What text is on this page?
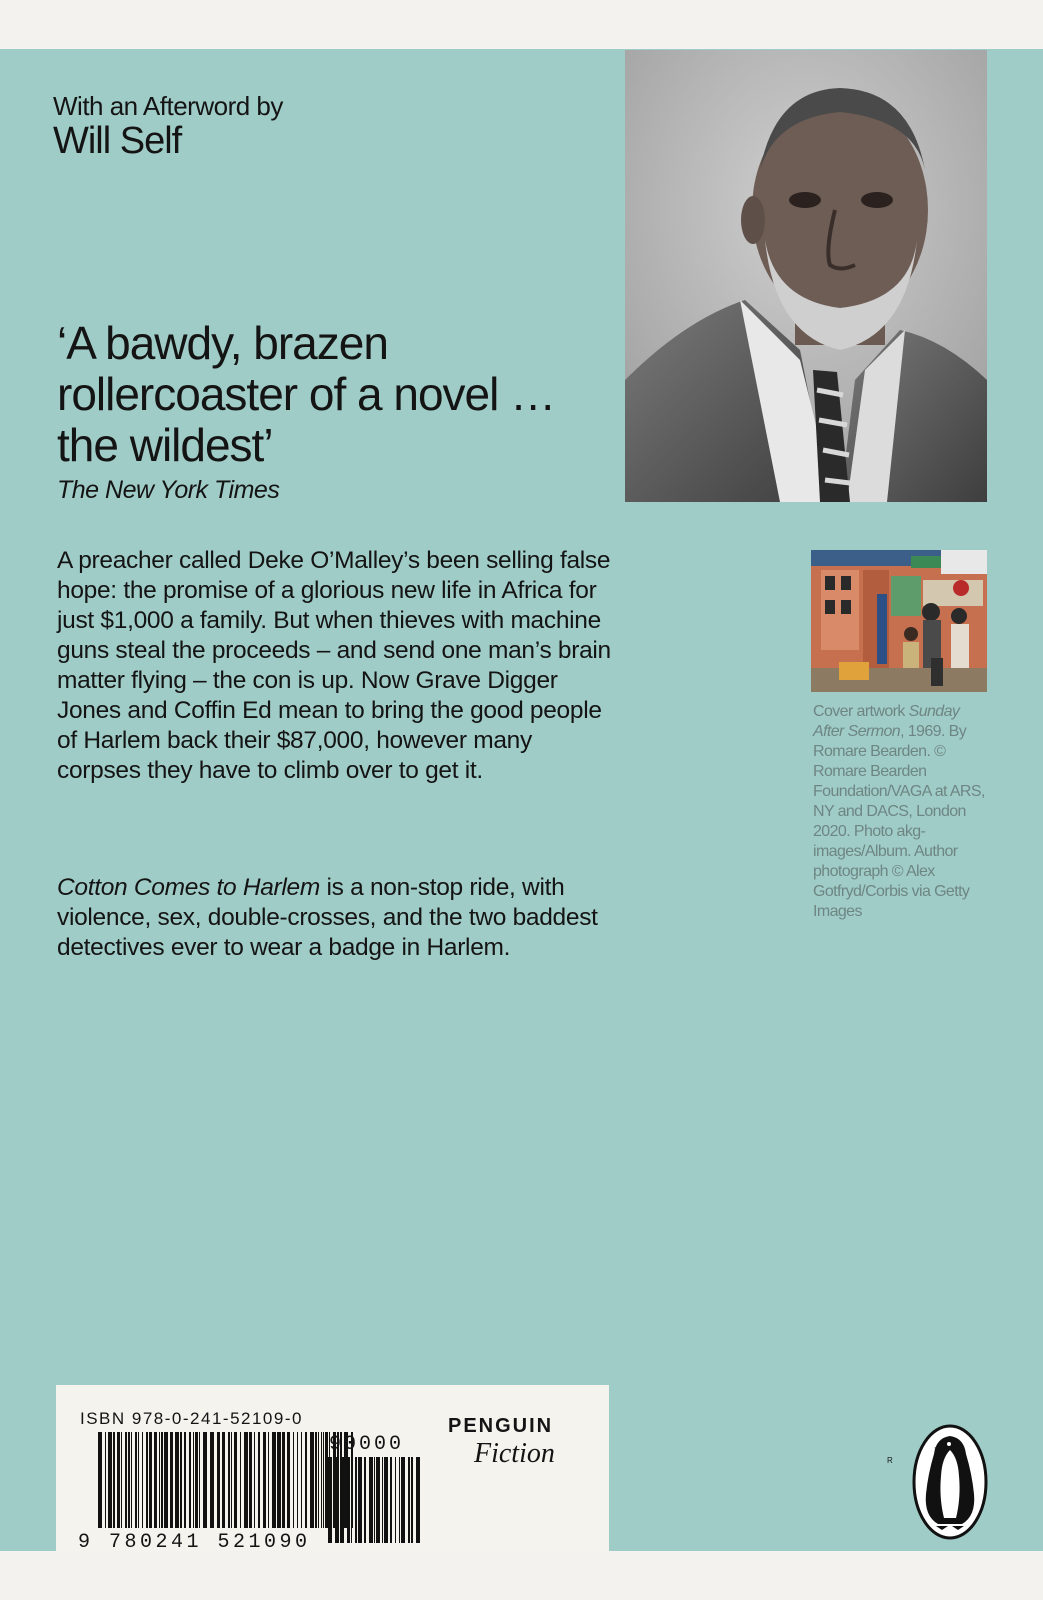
With an Afterword by
Will Self
‘A bawdy, brazen rollercoaster of a novel … the wildest’
The New York Times

A preacher called Deke O’Malley’s been selling false hope: the promise of a glorious new life in Africa for just $1,000 a family. But when thieves with machine guns steal the proceeds – and send one man’s brain matter flying – the con is up. Now Grave Digger Jones and Coffin Ed mean to bring the good people of Harlem back their $87,000, however many corpses they have to climb over to get it.

Cotton Comes to Harlem is a non-stop ride, with violence, sex, double-crosses, and the two baddest detectives ever to wear a badge in Harlem.

Cover artwork Sunday After Sermon, 1969. By Romare Bearden. © Romare Bearden Foundation/VAGA at ARS, NY and DACS, London 2020. Photo akg-images/Album. Author photograph © Alex Gotfryd/Corbis via Getty Images
ISBN 978-0-241-52109-0
90000
9 780241 521090
PENGUIN
Fiction	R
